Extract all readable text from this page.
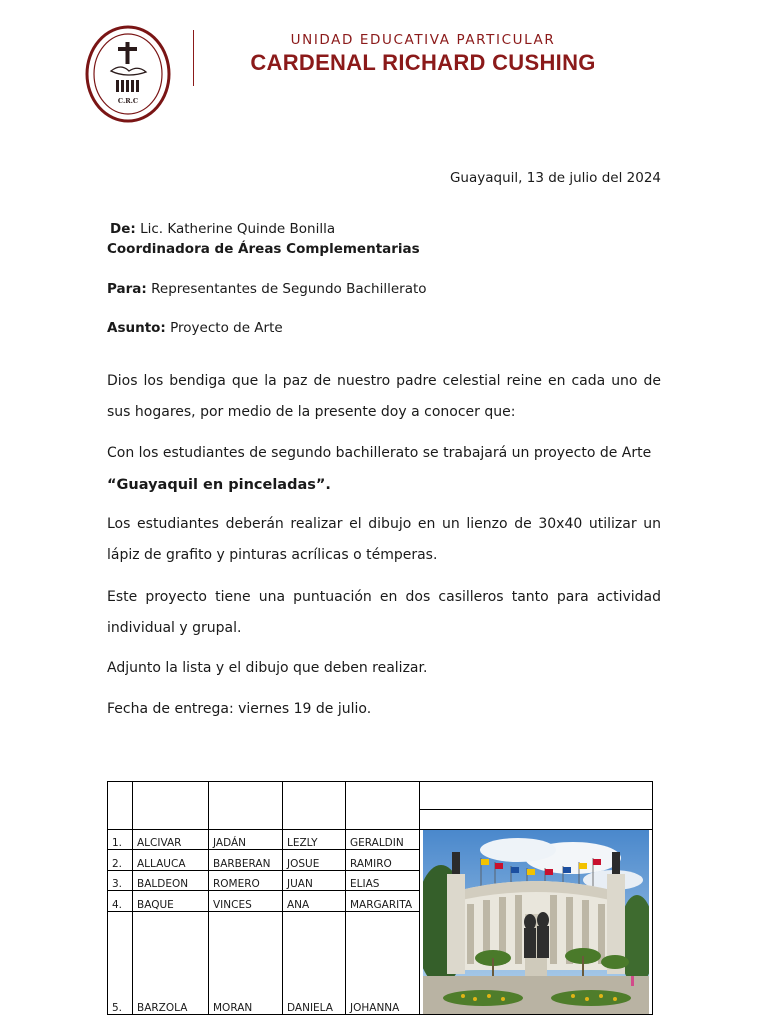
C.R.C
UNIDAD EDUCATIVA PARTICULAR
CARDENAL RICHARD CUSHING
Guayaquil, 13 de julio del 2024
De: Lic. Katherine Quinde Bonilla
Coordinadora de Áreas Complementarias
Para: Representantes de Segundo Bachillerato
Asunto: Proyecto de Arte
Dios los bendiga que la paz de nuestro padre celestial reine en cada uno de sus hogares, por medio de la presente doy a conocer que:
Con los estudiantes de segundo bachillerato se trabajará un proyecto de Arte
“Guayaquil en pinceladas”.
Los estudiantes deberán realizar el dibujo en un lienzo de 30x40 utilizar un lápiz de grafito y pinturas acrílicas o témperas.
Este proyecto tiene una puntuación en dos casilleros tanto para actividad individual y grupal.
Adjunto la lista y el dibujo que deben realizar.
Fecha de entrega: viernes 19 de julio.

1.	ALCIVAR	JADÁN	LEZLY	GERALDIN	

2.	ALLAUCA	BARBERAN	JOSUE	RAMIRO	
3.	BALDEON	ROMERO	JUAN	ELIAS	
4.	BAQUE	VINCES	ANA	MARGARITA	
5.	BARZOLA	MORAN	DANIELA	JOHANNA	
